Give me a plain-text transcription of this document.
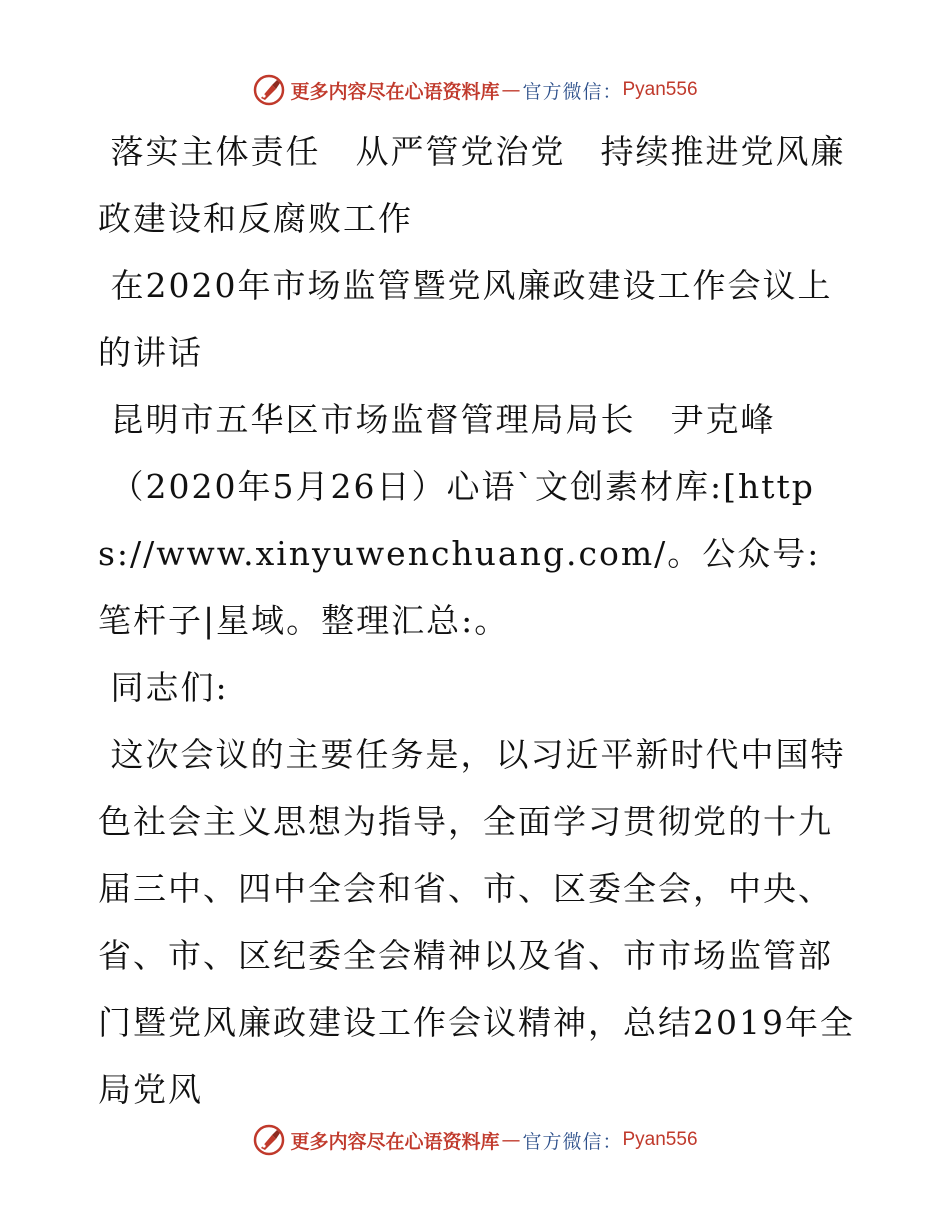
更多内容尽在心语资料库 — 官方微信： Pyan556

落实主体责任　从严管党治党　持续推进党风廉政建设和反腐败工作

在2020年市场监管暨党风廉政建设工作会议上的讲话

昆明市五华区市场监督管理局局长　尹克峰

（2020年5月26日）心语`文创素材库:[https://www.xinyuwenchuang.com/。公众号: 笔杆子|星域。整理汇总:。

同志们:

这次会议的主要任务是，以习近平新时代中国特色社会主义思想为指导，全面学习贯彻党的十九届三中、四中全会和省、市、区委全会，中央、省、市、区纪委全会精神以及省、市市场监管部门暨党风廉政建设工作会议精神，总结2019年全局党风

更多内容尽在心语资料库 — 官方微信： Pyan556
